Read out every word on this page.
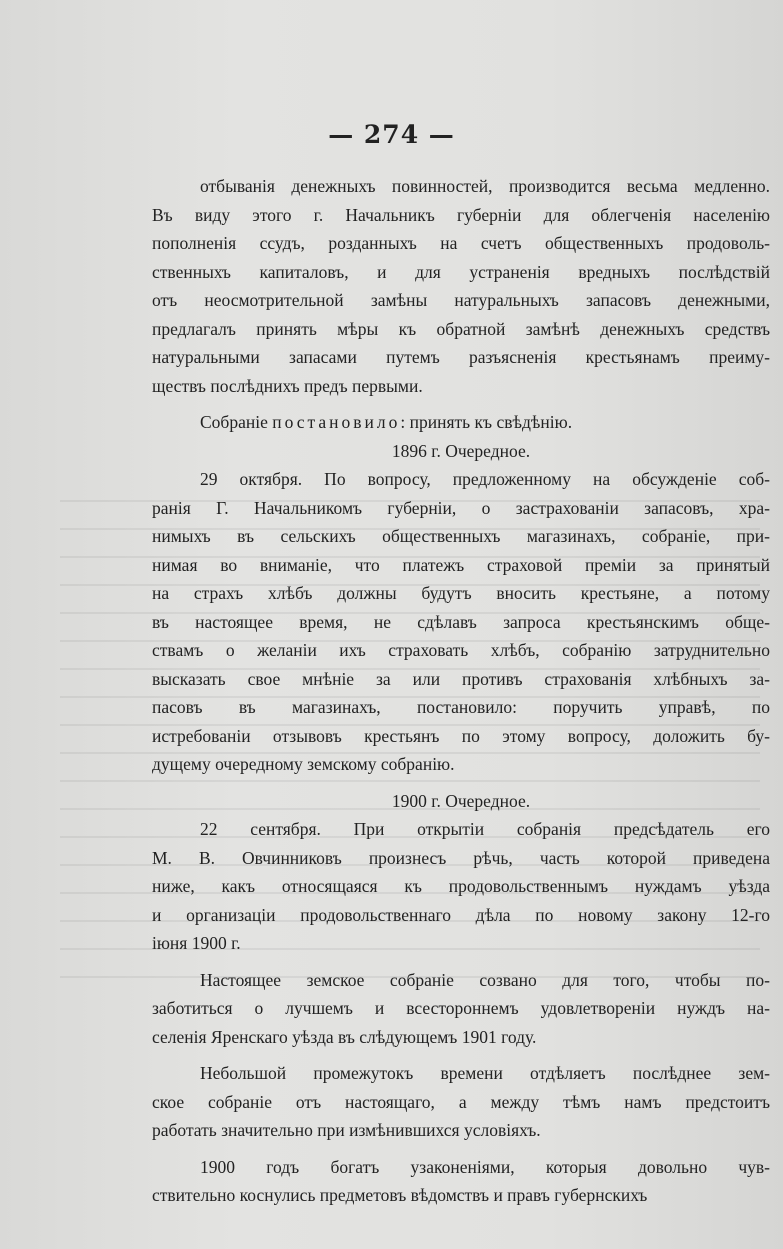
— 274 —
отбыванія денежныхъ повинностей, производится весьма медленно.
Въ виду этого г. Начальникъ губерніи для облегченія населенію
пополненія ссудъ, розданныхъ на счетъ общественныхъ продоволь-
ственныхъ капиталовъ, и для устраненія вредныхъ послѣдствій
отъ неосмотрительной замѣны натуральныхъ запасовъ денежными,
предлагалъ принять мѣры къ обратной замѣнѣ денежныхъ средствъ
натуральными запасами путемъ разъясненія крестьянамъ преиму-
ществъ послѣднихъ предъ первыми.
Собраніе постановило: принять къ свѣдѣнію.
1896 г. Очередное.
29 октября. По вопросу, предложенному на обсужденіе соб-
ранія Г. Начальникомъ губерніи, о застрахованіи запасовъ, хра-
нимыхъ въ сельскихъ общественныхъ магазинахъ, собраніе, при-
нимая во вниманіе, что платежъ страховой преміи за принятый
на страхъ хлѣбъ должны будутъ вносить крестьяне, а потому
въ настоящее время, не сдѣлавъ запроса крестьянскимъ обще-
ствамъ о желаніи ихъ страховать хлѣбъ, собранію затруднительно
высказать свое мнѣніе за или противъ страхованія хлѣбныхъ за-
пасовъ въ магазинахъ, постановило: поручить управѣ, по
истребованіи отзывовъ крестьянъ по этому вопросу, доложить бу-
дущему очередному земскому собранію.
1900 г. Очередное.
22 сентября. При открытіи собранія предсѣдатель его
М. В. Овчинниковъ произнесъ рѣчь, часть которой приведена
ниже, какъ относящаяся къ продовольственнымъ нуждамъ уѣзда
и организаціи продовольственнаго дѣла по новому закону 12-го
іюня 1900 г.
Настоящее земское собраніе созвано для того, чтобы по-
заботиться о лучшемъ и всестороннемъ удовлетвореніи нуждъ на-
селенія Яренскаго уѣзда въ слѣдующемъ 1901 году.
Небольшой промежутокъ времени отдѣляетъ послѣднее зем-
ское собраніе отъ настоящаго, а между тѣмъ намъ предстоитъ
работать значительно при измѣнившихся условіяхъ.
1900 годъ богатъ узаконеніями, которыя довольно чув-
ствительно коснулись предметовъ вѣдомствъ и правъ губернскихъ
